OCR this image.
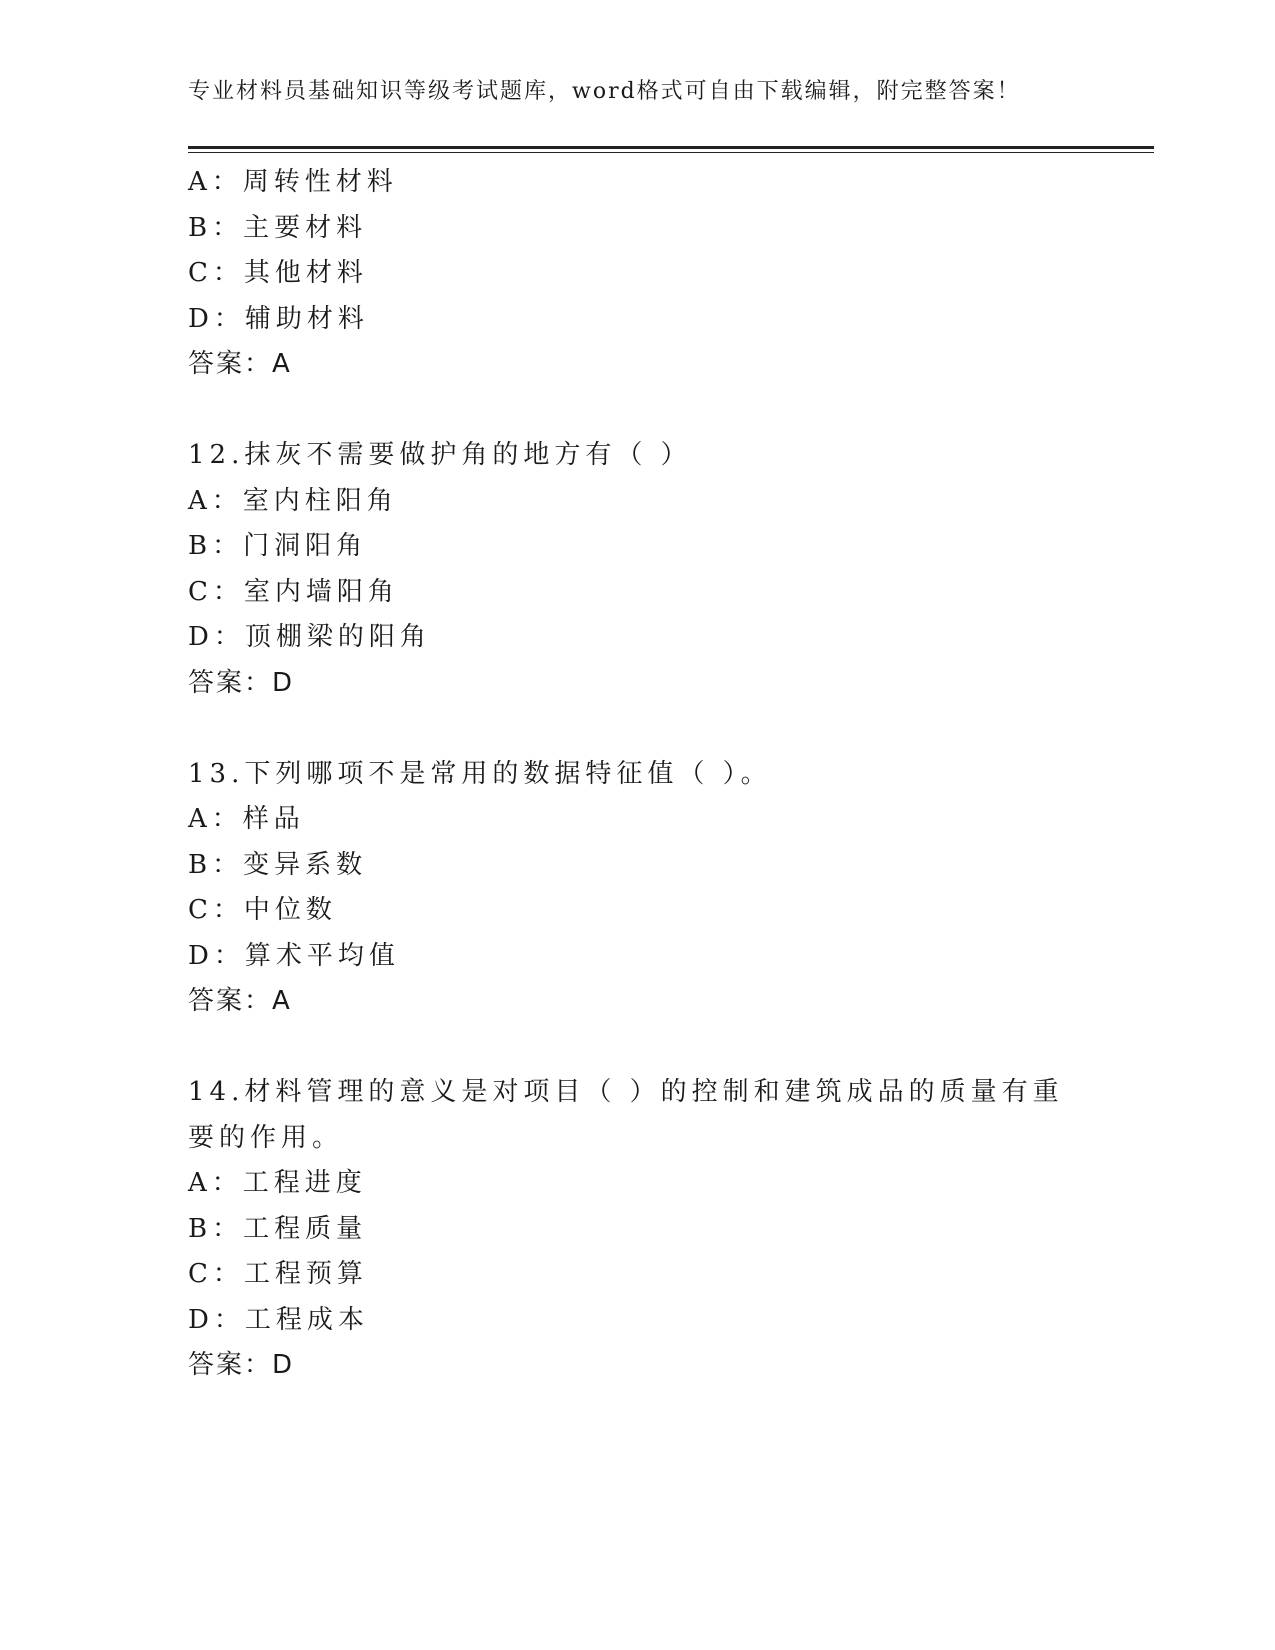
专业材料员基础知识等级考试题库，word格式可自由下载编辑，附完整答案！
A：周转性材料
B：主要材料
C：其他材料
D：辅助材料
答案：A
12.抹灰不需要做护角的地方有（ ）
A：室内柱阳角
B：门洞阳角
C：室内墙阳角
D：顶棚梁的阳角
答案：D
13.下列哪项不是常用的数据特征值（ ）。
A：样品
B：变异系数
C：中位数
D：算术平均值
答案：A
14.材料管理的意义是对项目（ ）的控制和建筑成品的质量有重要的作用。
A：工程进度
B：工程质量
C：工程预算
D：工程成本
答案：D
